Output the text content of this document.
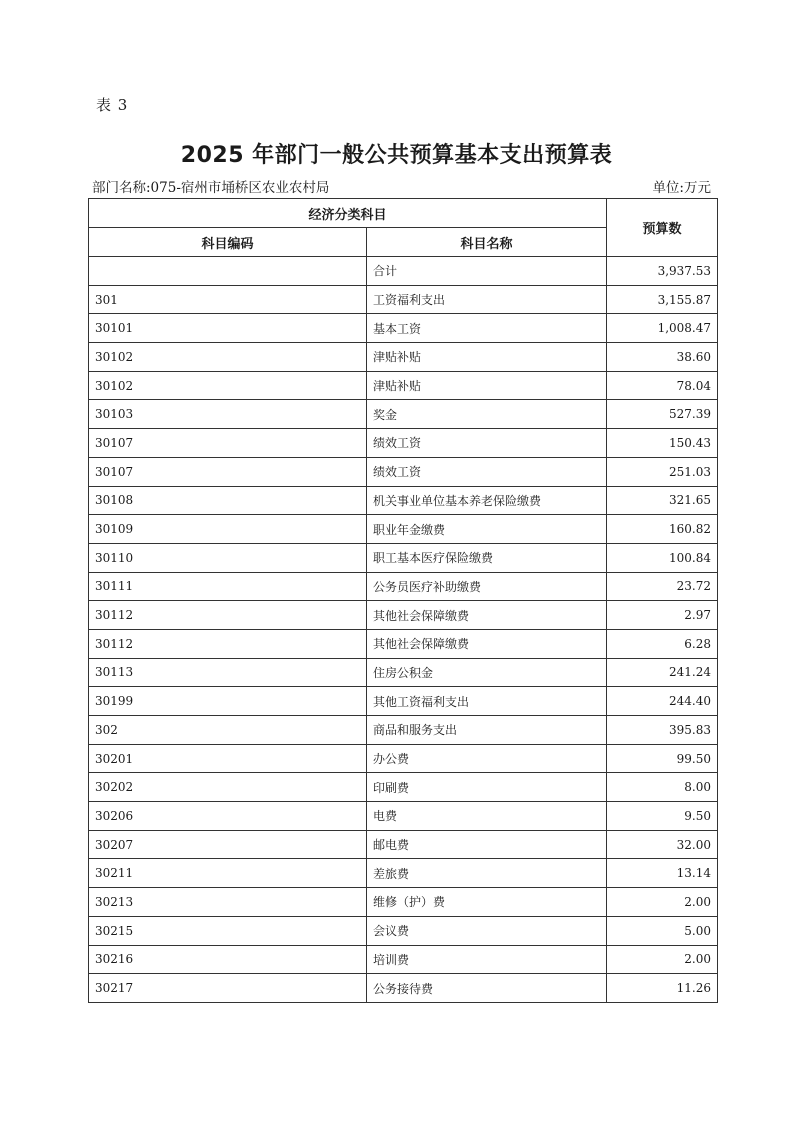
表 3
2025 年部门一般公共预算基本支出预算表
部门名称:075-宿州市埇桥区农业农村局	单位:万元
经济分类科目		预算数
科目编码	科目名称	
	合计	3,937.53
301	工资福利支出	3,155.87
30101	基本工资	1,008.47
30102	津贴补贴	38.60
30102	津贴补贴	78.04
30103	奖金	527.39
30107	绩效工资	150.43
30107	绩效工资	251.03
30108	机关事业单位基本养老保险缴费	321.65
30109	职业年金缴费	160.82
30110	职工基本医疗保险缴费	100.84
30111	公务员医疗补助缴费	23.72
30112	其他社会保障缴费	2.97
30112	其他社会保障缴费	6.28
30113	住房公积金	241.24
30199	其他工资福利支出	244.40
302	商品和服务支出	395.83
30201	办公费	99.50
30202	印刷费	8.00
30206	电费	9.50
30207	邮电费	32.00
30211	差旅费	13.14
30213	维修（护）费	2.00
30215	会议费	5.00
30216	培训费	2.00
30217	公务接待费	11.26
